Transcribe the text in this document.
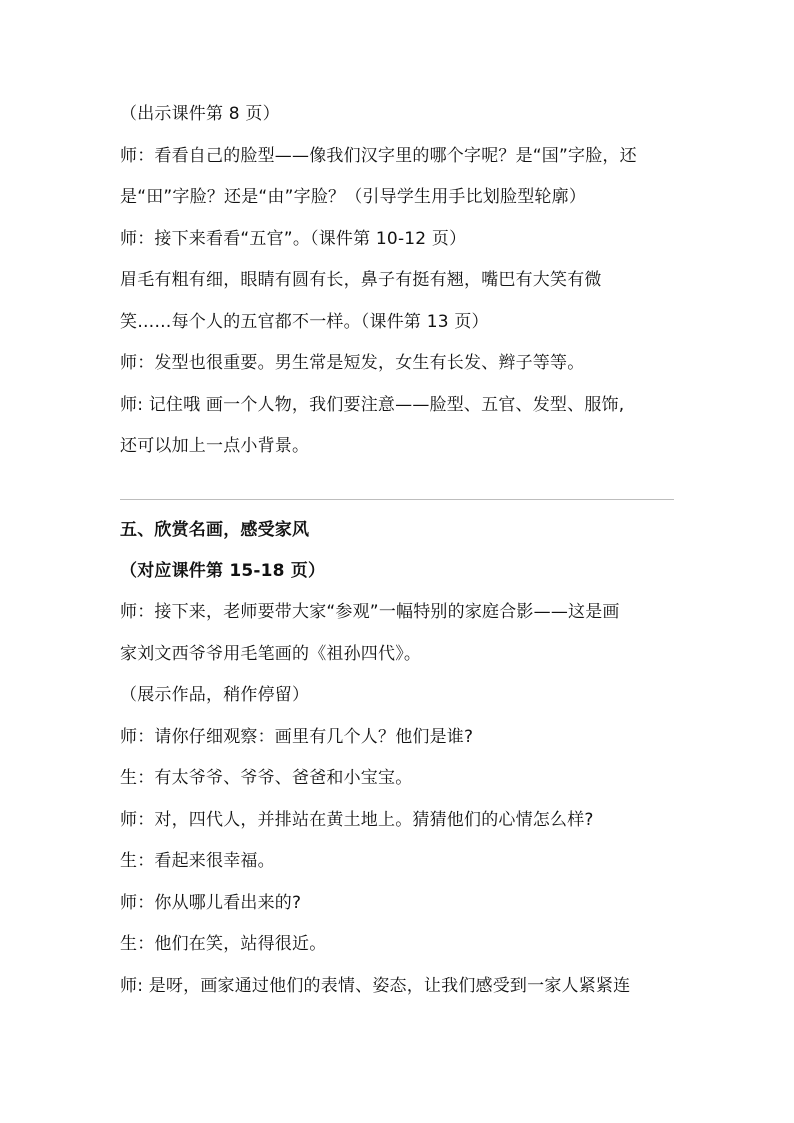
（出示课件第 8 页）
师：看看自己的脸型——像我们汉字里的哪个字呢？是“国”字脸，还
是“田”字脸？还是“由”字脸？（引导学生用手比划脸型轮廓）
师：接下来看看“五官”。（课件第 10-12 页）
眉毛有粗有细，眼睛有圆有长，鼻子有挺有翘，嘴巴有大笑有微
笑……每个人的五官都不一样。（课件第 13 页）
师：发型也很重要。男生常是短发，女生有长发、辫子等等。
师: 记住哦 画一个人物，我们要注意——脸型、五官、发型、服饰,
还可以加上一点小背景。
五、欣赏名画，感受家风
（对应课件第 15-18 页）
师：接下来，老师要带大家“参观”一幅特别的家庭合影——这是画
家刘文西爷爷用毛笔画的《祖孙四代》。
（展示作品，稍作停留）
师：请你仔细观察：画里有几个人？他们是谁?
生：有太爷爷、爷爷、爸爸和小宝宝。
师：对，四代人，并排站在黄土地上。猜猜他们的心情怎么样?
生：看起来很幸福。
师：你从哪儿看出来的?
生：他们在笑，站得很近。
师: 是呀，画家通过他们的表情、姿态，让我们感受到一家人紧紧连
